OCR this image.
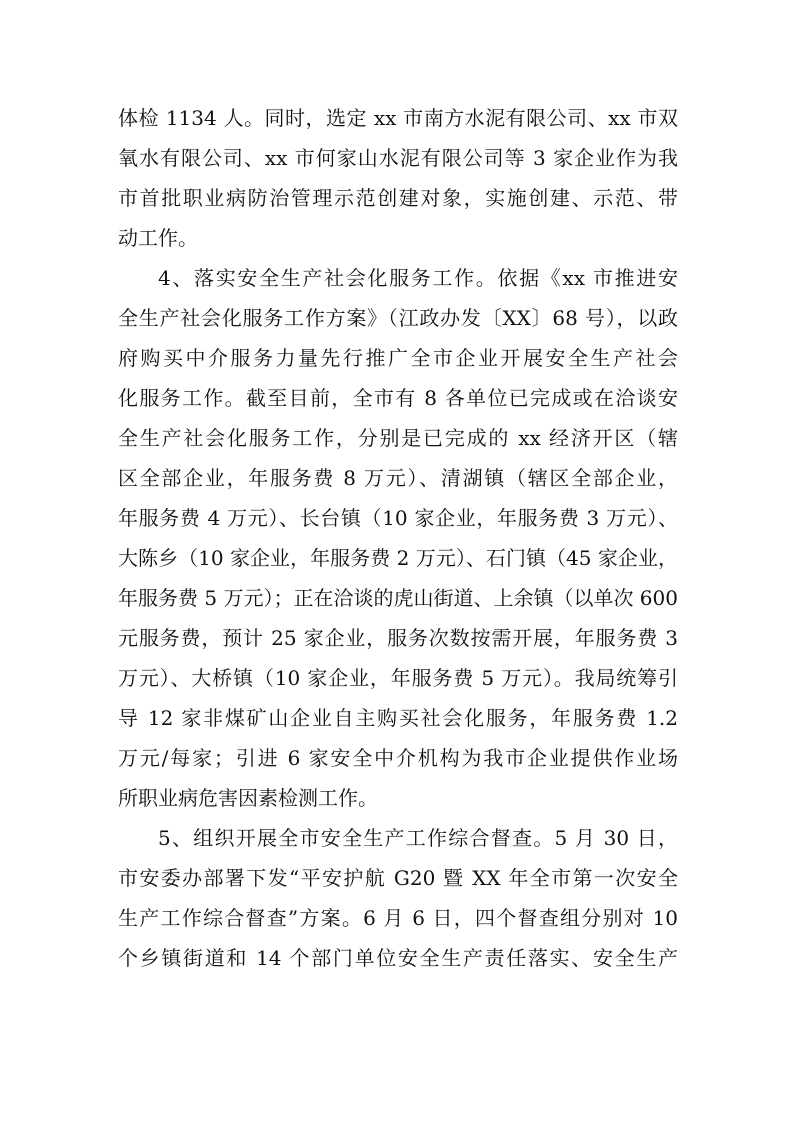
体检 1134 人。同时，选定 xx 市南方水泥有限公司、xx 市双
氧水有限公司、xx 市何家山水泥有限公司等 3 家企业作为我
市首批职业病防治管理示范创建对象，实施创建、示范、带
动工作。
4、落实安全生产社会化服务工作。依据《xx 市推进安
全生产社会化服务工作方案》（江政办发〔XX〕68 号），以政
府购买中介服务力量先行推广全市企业开展安全生产社会
化服务工作。截至目前，全市有 8 各单位已完成或在洽谈安
全生产社会化服务工作，分别是已完成的 xx 经济开区（辖
区全部企业，年服务费 8 万元）、清湖镇（辖区全部企业，
年服务费 4 万元）、长台镇（10 家企业，年服务费 3 万元）、
大陈乡（10 家企业，年服务费 2 万元）、石门镇（45 家企业，
年服务费 5 万元）；正在洽谈的虎山街道、上余镇（以单次 600
元服务费，预计 25 家企业，服务次数按需开展，年服务费 3
万元）、大桥镇（10 家企业，年服务费 5 万元）。我局统筹引
导 12 家非煤矿山企业自主购买社会化服务，年服务费 1.2
万元/每家；引进 6 家安全中介机构为我市企业提供作业场
所职业病危害因素检测工作。
5、组织开展全市安全生产工作综合督查。5 月 30 日，
市安委办部署下发“平安护航 G20 暨 XX 年全市第一次安全
生产工作综合督查”方案。6 月 6 日，四个督查组分别对 10
个乡镇街道和 14 个部门单位安全生产责任落实、安全生产
